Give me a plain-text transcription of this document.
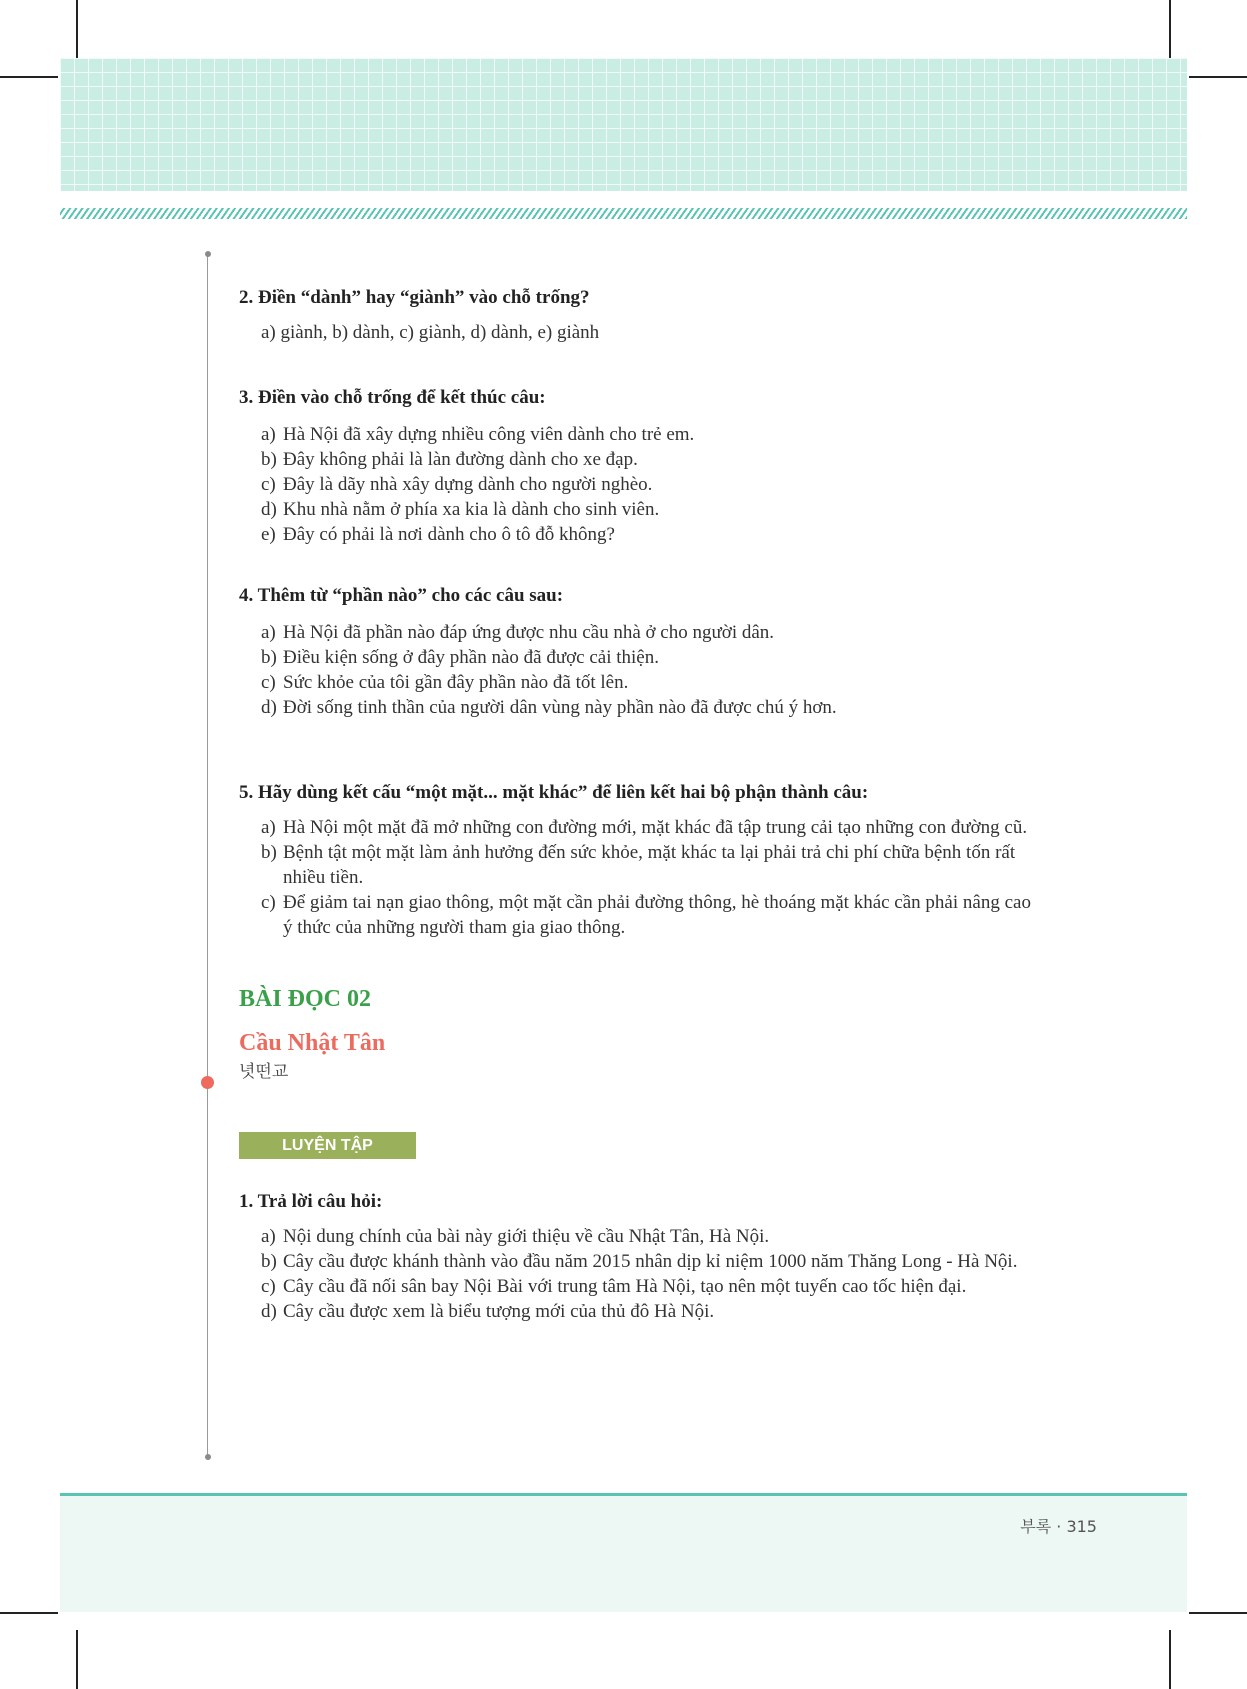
2. Điền “dành” hay “giành” vào chỗ trống?
a) giành, b) dành, c) giành, d) dành, e) giành
3. Điền vào chỗ trống để kết thúc câu:
a) Hà Nội đã xây dựng nhiều công viên dành cho trẻ em.
b) Đây không phải là làn đường dành cho xe đạp.
c) Đây là dãy nhà xây dựng dành cho người nghèo.
d) Khu nhà nằm ở phía xa kia là dành cho sinh viên.
e) Đây có phải là nơi dành cho ô tô đỗ không?
4. Thêm từ “phần nào” cho các câu sau:
a) Hà Nội đã phần nào đáp ứng được nhu cầu nhà ở cho người dân.
b) Điều kiện sống ở đây phần nào đã được cải thiện.
c) Sức khỏe của tôi gần đây phần nào đã tốt lên.
d) Đời sống tinh thần của người dân vùng này phần nào đã được chú ý hơn.
5. Hãy dùng kết cấu “một mặt... mặt khác” để liên kết hai bộ phận thành câu:
a) Hà Nội một mặt đã mở những con đường mới, mặt khác đã tập trung cải tạo những con đường cũ.
b) Bệnh tật một mặt làm ảnh hưởng đến sức khỏe, mặt khác ta lại phải trả chi phí chữa bệnh tốn rất nhiều tiền.
c) Để giảm tai nạn giao thông, một mặt cần phải đường thông, hè thoáng mặt khác cần phải nâng cao ý thức của những người tham gia giao thông.
BÀI ĐỌC 02
Cầu Nhật Tân
녓떤교
LUYỆN TẬP
1. Trả lời câu hỏi:
a) Nội dung chính của bài này giới thiệu về cầu Nhật Tân, Hà Nội.
b) Cây cầu được khánh thành vào đầu năm 2015 nhân dịp kỉ niệm 1000 năm Thăng Long - Hà Nội.
c) Cây cầu đã nối sân bay Nội Bài với trung tâm Hà Nội, tạo nên một tuyến cao tốc hiện đại.
d) Cây cầu được xem là biểu tượng mới của thủ đô Hà Nội.
부록 · 315
